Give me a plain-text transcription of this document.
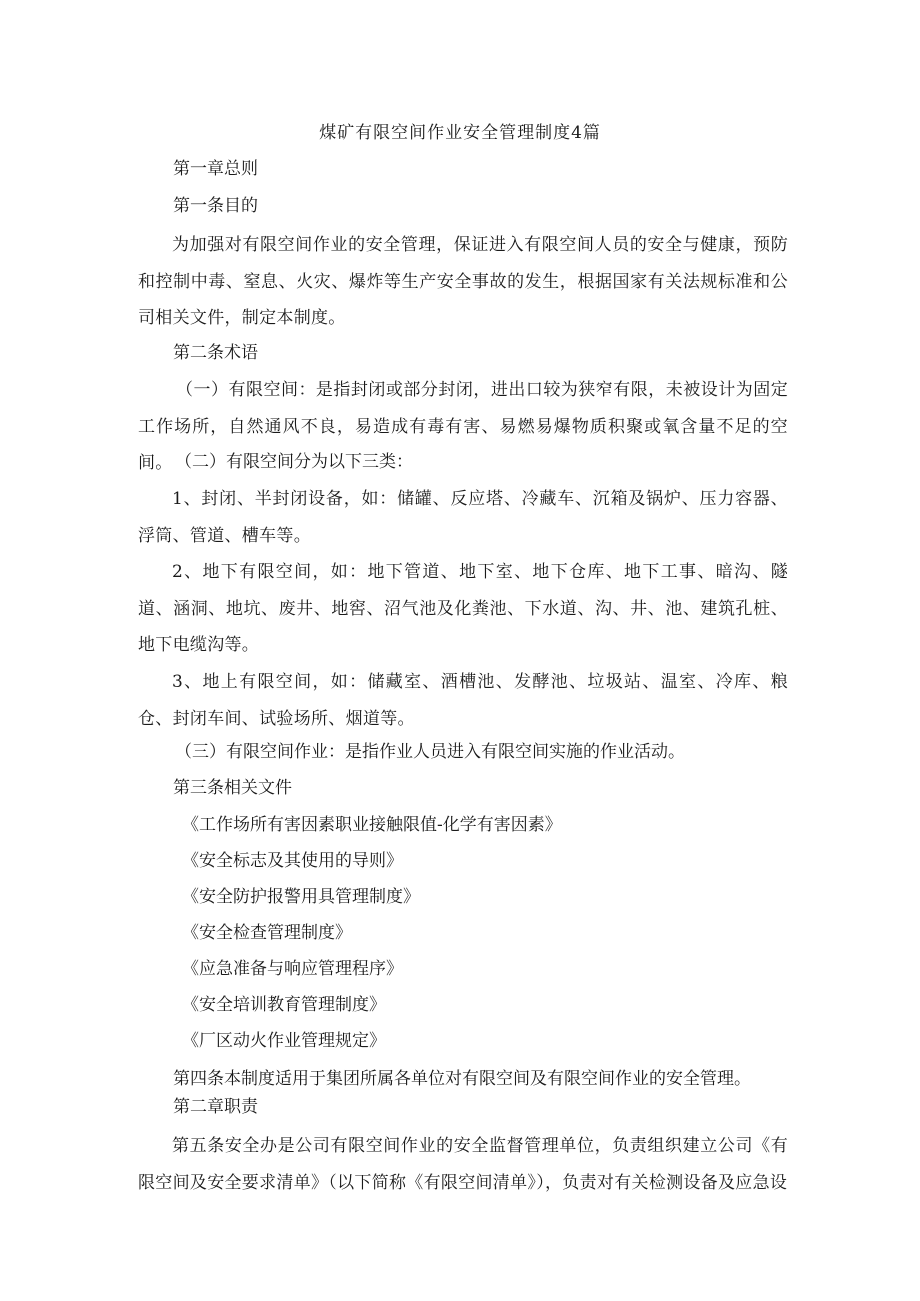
煤矿有限空间作业安全管理制度4篇
第一章总则
第一条目的
为加强对有限空间作业的安全管理，保证进入有限空间人员的安全与健康，预防和控制中毒、窒息、火灾、爆炸等生产安全事故的发生，根据国家有关法规标准和公司相关文件，制定本制度。
第二条术语
（一）有限空间：是指封闭或部分封闭，进出口较为狭窄有限，未被设计为固定工作场所，自然通风不良，易造成有毒有害、易燃易爆物质积聚或氧含量不足的空间。 （二）有限空间分为以下三类：
1、封闭、半封闭设备，如：储罐、反应塔、冷藏车、沉箱及锅炉、压力容器、浮筒、管道、槽车等。
2、地下有限空间，如：地下管道、地下室、地下仓库、地下工事、暗沟、隧道、涵洞、地坑、废井、地窖、沼气池及化粪池、下水道、沟、井、池、建筑孔桩、地下电缆沟等。
3、地上有限空间，如：储藏室、酒槽池、发酵池、垃圾站、温室、冷库、粮仓、封闭车间、试验场所、烟道等。
（三）有限空间作业：是指作业人员进入有限空间实施的作业活动。
第三条相关文件
《工作场所有害因素职业接触限值-化学有害因素》
《安全标志及其使用的导则》
《安全防护报警用具管理制度》
《安全检查管理制度》
《应急准备与响应管理程序》
《安全培训教育管理制度》
《厂区动火作业管理规定》
第四条本制度适用于集团所属各单位对有限空间及有限空间作业的安全管理。
第二章职责
第五条安全办是公司有限空间作业的安全监督管理单位，负责组织建立公司《有限空间及安全要求清单》（以下简称《有限空间清单》），负责对有关检测设备及应急设
